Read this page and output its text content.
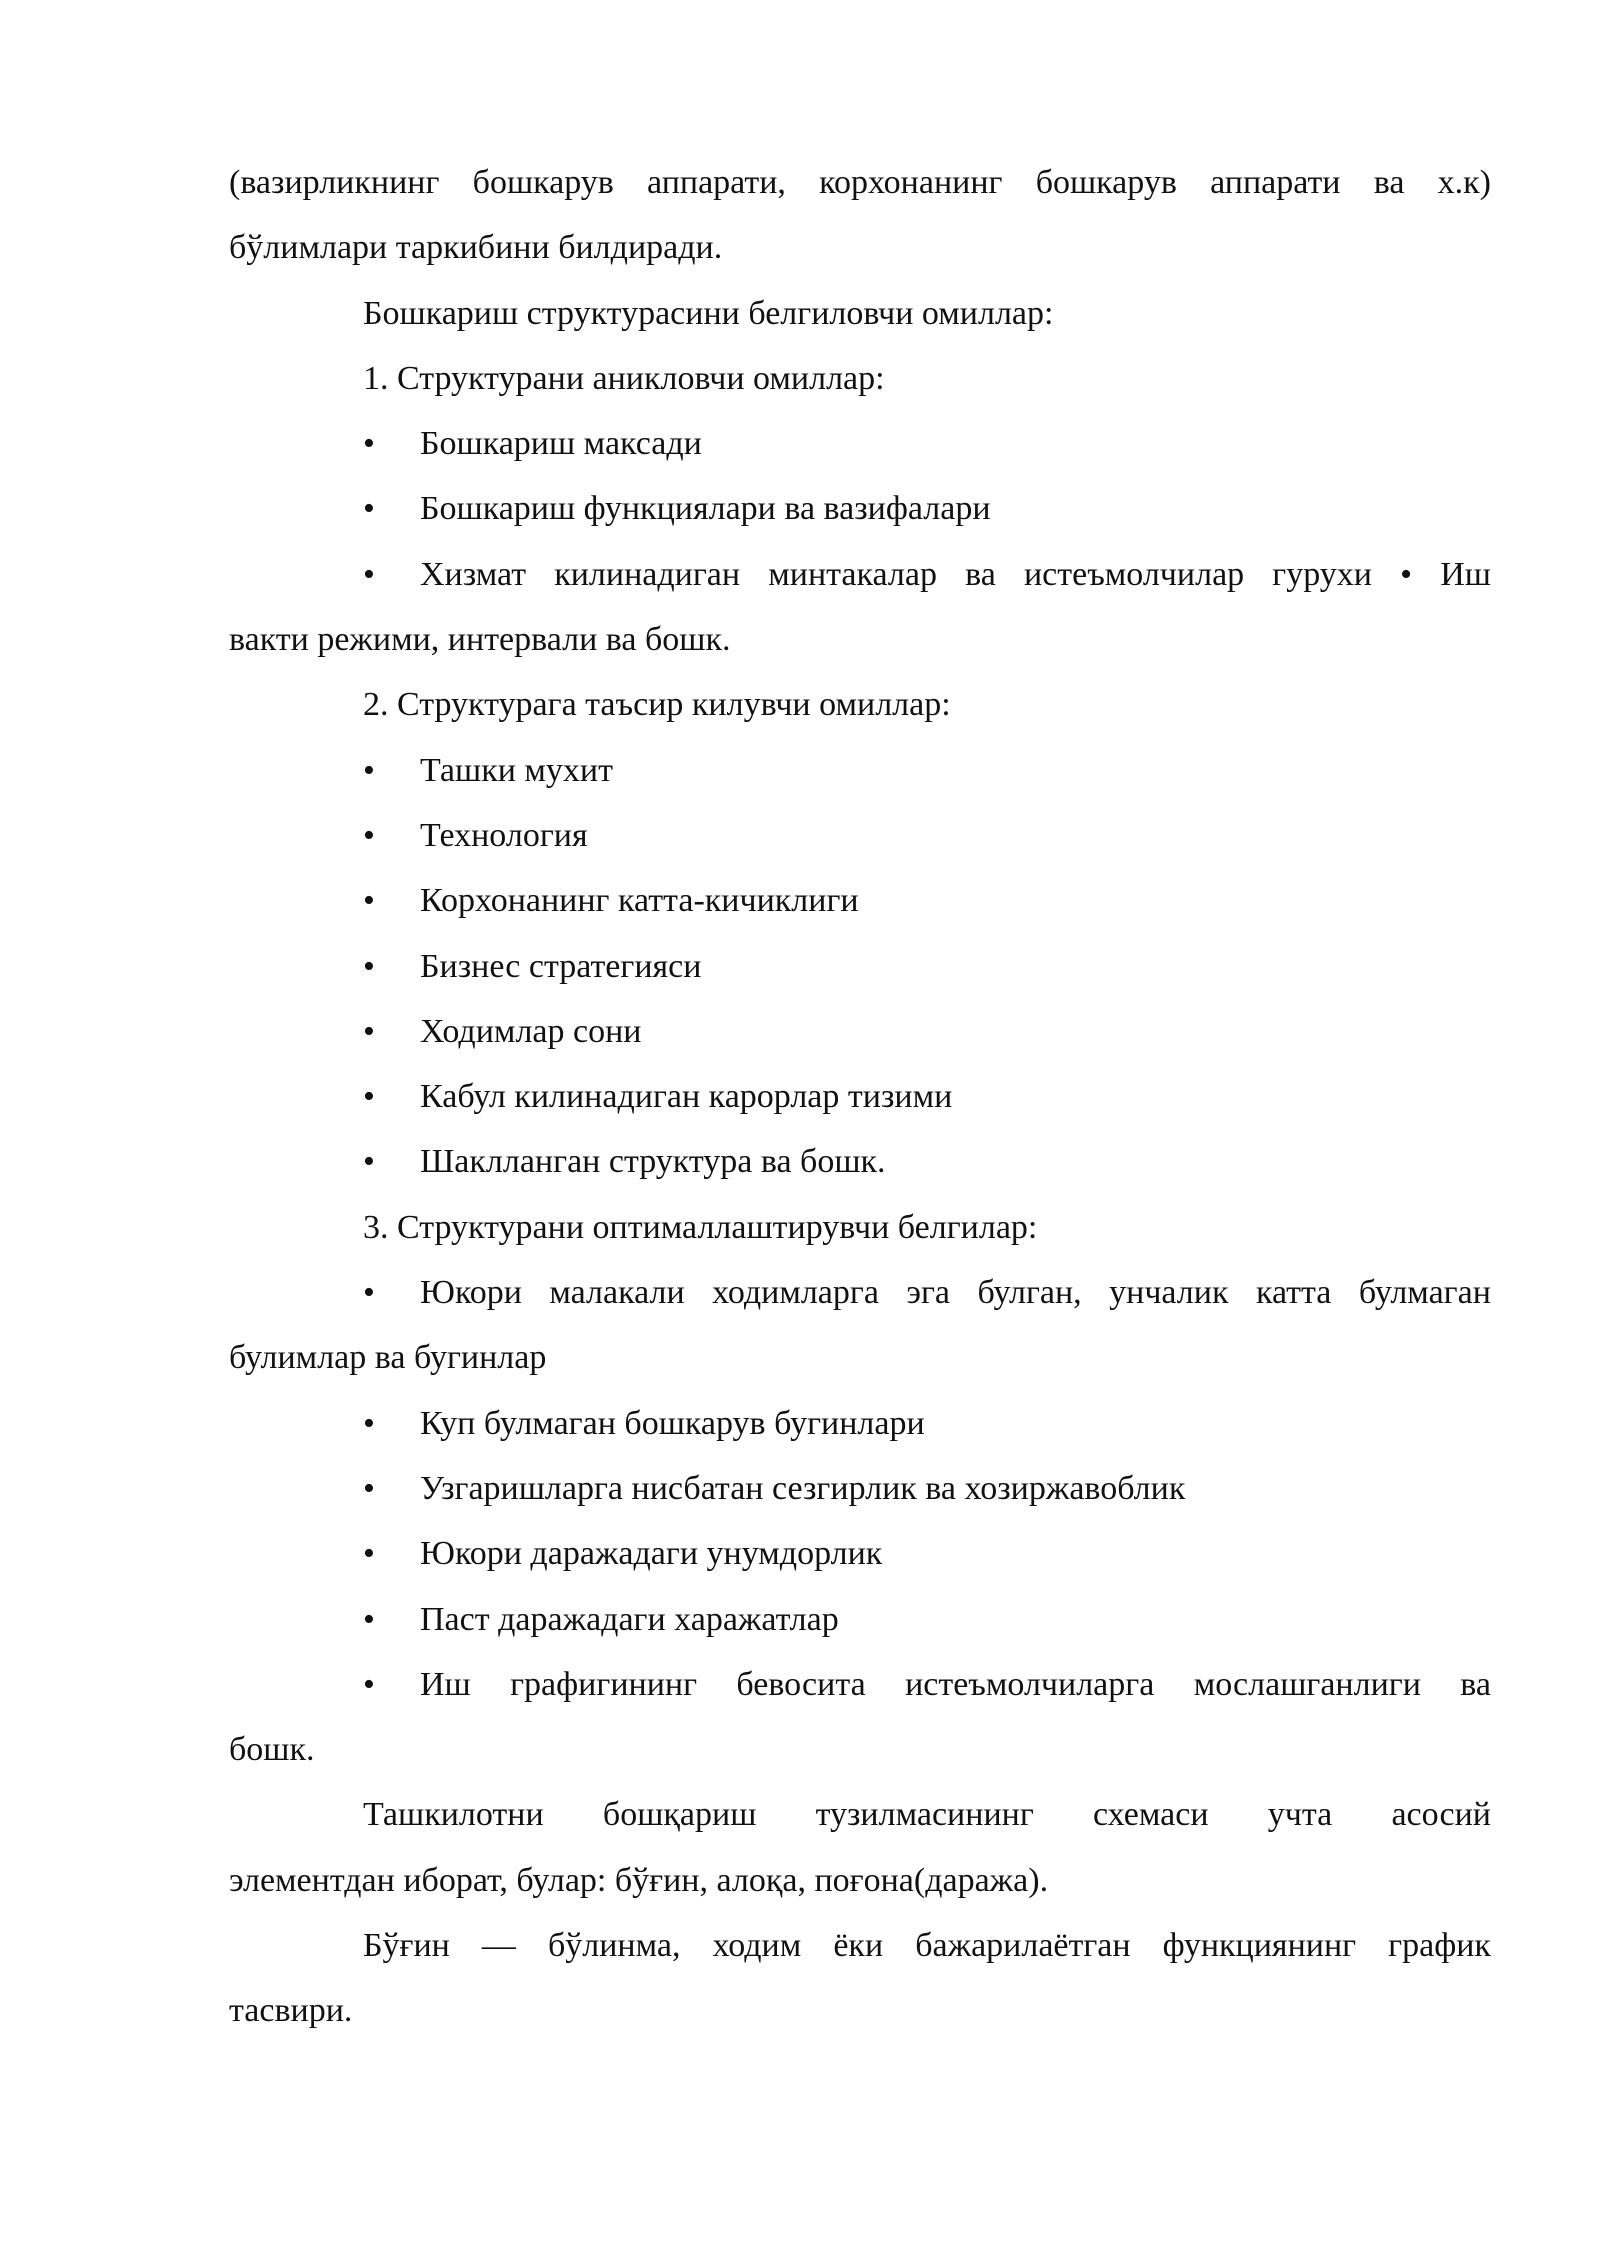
(вазирликнинг бошкарув аппарати, корхонанинг бошкарув аппарати ва х.к)
бўлимлари таркибини билдиради.
Бошкариш структурасини белгиловчи омиллар:
1. Структурани аникловчи омиллар:
•	Бошкариш максади
•	Бошкариш функциялари ва вазифалари
•	Хизмат килинадиган минтакалар ва истеъмолчилар гурухи • Иш
вакти режими, интервали ва бошк.
2. Структурага таъсир килувчи омиллар:
•	Ташки мухит
•	Технология
•	Корхонанинг катта-кичиклиги
•	Бизнес стратегияси
•	Ходимлар сони
•	Кабул килинадиган карорлар тизими
•	Шаклланган структура ва бошк.
3. Структурани оптималлаштирувчи белгилар:
•	Юкори малакали ходимларга эга булган, унчалик катта булмаган
булимлар ва бугинлар
•	Куп булмаган бошкарув бугинлари
•	Узгаришларга нисбатан сезгирлик ва хозиржавоблик
•	Юкори даражадаги унумдорлик
•	Паст даражадаги харажатлар
•	Иш графигининг бевосита истеъмолчиларга мослашганлиги ва
бошк.
Ташкилотни бошқариш тузилмасининг схемаси учта асосий
элементдан иборат, булар: бўғин, алоқа, поғона(даража).
Бўғин — бўлинма, ходим ёки бажарилаётган функциянинг график
тасвири.
